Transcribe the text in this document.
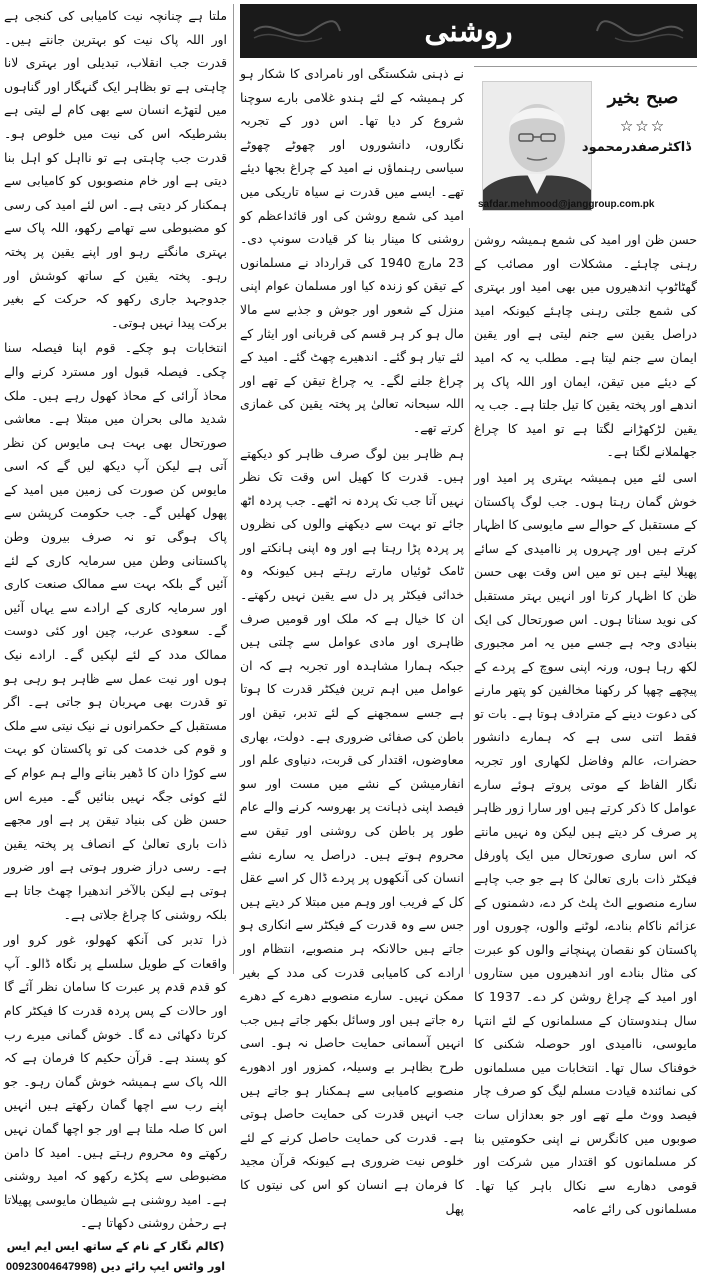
روشنی
صبح بخیر
☆☆☆
ڈاکٹرصفدرمحمود
safdar.mehmood@janggroup.com.pk

حسن ظن اور امید کی شمع ہمیشہ روشن رہنی چاہئے۔ مشکلات اور مصائب کے گھٹاٹوپ اندھیروں میں بھی امید اور بہتری کی شمع جلتی رہنی چاہئے کیونکہ امید دراصل یقین سے جنم لیتی ہے اور یقین ایمان سے جنم لیتا ہے۔ مطلب یہ کہ امید کے دیئے میں تیقن، ایمان اور اللہ پاک پر اندھے اور پختہ یقین کا تیل جلتا ہے۔ جب یہ یقین لڑکھڑانے لگتا ہے تو امید کا چراغ جھلملانے لگتا ہے۔

اسی لئے میں ہمیشہ بہتری پر امید اور خوش گمان رہتا ہوں۔ جب لوگ پاکستان کے مستقبل کے حوالے سے مایوسی کا اظہار کرتے ہیں اور چہروں پر ناامیدی کے سائے پھیلا لیتے ہیں تو میں اس وقت بھی حسن ظن کا اظہار کرتا اور انہیں بہتر مستقبل کی نوید سناتا ہوں۔ اس صورتحال کی ایک بنیادی وجہ ہے جسے میں یہ امر مجبوری لکھ رہا ہوں، ورنہ اپنی سوچ کے پردے کے پیچھے چھپا کر رکھنا مخالفین کو پتھر مارنے کی دعوت دینے کے مترادف ہوتا ہے۔ بات تو فقط اتنی سی ہے کہ ہمارے دانشور حضرات، عالم وفاضل لکھاری اور تجربہ نگار الفاظ کے موتی پروتے ہوئے سارے عوامل کا ذکر کرتے ہیں اور سارا زور ظاہر پر صرف کر دیتے ہیں لیکن وہ نہیں مانتے کہ اس ساری صورتحال میں ایک پاورفل فیکٹر ذات باری تعالیٰ کا ہے جو جب چاہے سارے منصوبے الٹ پلٹ کر دے، دشمنوں کے عزائم ناکام بنادے، لوٹنے والوں، چوروں اور پاکستان کو نقصان پہنچانے والوں کو عبرت کی مثال بنادے اور اندھیروں میں ستاروں اور امید کے چراغ روشن کر دے۔ 1937 کا سال ہندوستان کے مسلمانوں کے لئے انتہا مایوسی، ناامیدی اور حوصلہ شکنی کا خوفناک سال تھا۔ انتخابات میں مسلمانوں کی نمائندہ قیادت مسلم لیگ کو صرف چار فیصد ووٹ ملے تھے اور جو بعدازاں سات صوبوں میں کانگرس نے اپنی حکومتیں بنا کر مسلمانوں کو اقتدار میں شرکت اور قومی دھارے سے نکال باہر کیا تھا۔ مسلمانوں کی رائے عامہ

نے ذہنی شکستگی اور نامرادی کا شکار ہو کر ہمیشہ کے لئے ہندو غلامی بارے سوچنا شروع کر دیا تھا۔ اس دور کے تجربہ نگاروں، دانشوروں اور چھوٹے چھوٹے سیاسی رہنماؤں نے امید کے چراغ بجھا دیئے تھے۔ ایسے میں قدرت نے سیاہ تاریکی میں امید کی شمع روشن کی اور قائداعظم کو روشنی کا مینار بنا کر قیادت سونپ دی۔ 23 مارچ 1940 کی قرارداد نے مسلمانوں کے تیقن کو زندہ کیا اور مسلمان عوام اپنی منزل کے شعور اور جوش و جذبے سے مالا مال ہو کر ہر قسم کی قربانی اور ایثار کے لئے تیار ہو گئے۔ اندھیرے چھٹ گئے۔ امید کے چراغ جلنے لگے۔ یہ چراغ تیقن کے تھے اور اللہ سبحانہ تعالیٰ پر پختہ یقین کی غمازی کرتے تھے۔

ہم ظاہر بین لوگ صرف ظاہر کو دیکھتے ہیں۔ قدرت کا کھیل اس وقت تک نظر نہیں آتا جب تک پردہ نہ اٹھے۔ جب پردہ اٹھ جائے تو بہت سے دیکھنے والوں کی نظروں پر پردہ پڑا رہتا ہے اور وہ اپنی ہانکتے اور ٹامک ٹوئیاں مارتے رہتے ہیں کیونکہ وہ خدائی فیکٹر پر دل سے یقین نہیں رکھتے۔ ان کا خیال ہے کہ ملک اور قومیں صرف ظاہری اور مادی عوامل سے چلتی ہیں جبکہ ہمارا مشاہدہ اور تجربہ ہے کہ ان عوامل میں اہم ترین فیکٹر قدرت کا ہوتا ہے جسے سمجھنے کے لئے تدبر، تیقن اور باطن کی صفائی ضروری ہے۔ دولت، بھاری معاوضوں، اقتدار کی قربت، دنیاوی علم اور انفارمیشن کے نشے میں مست اور سو فیصد اپنی ذہانت پر بھروسہ کرنے والے عام طور پر باطن کی روشنی اور تیقن سے محروم ہوتے ہیں۔ دراصل یہ سارے نشے انسان کی آنکھوں پر پردے ڈال کر اسے عقل کل کے فریب اور وہم میں مبتلا کر دیتے ہیں جس سے وہ قدرت کے فیکٹر سے انکاری ہو جاتے ہیں حالانکہ ہر منصوبے، انتظام اور ارادے کی کامیابی قدرت کی مدد کے بغیر ممکن نہیں۔ سارے منصوبے دھرے کے دھرے رہ جاتے ہیں اور وسائل بکھر جاتے ہیں جب انہیں آسمانی حمایت حاصل نہ ہو۔ اسی طرح بظاہر بے وسیلہ، کمزور اور ادھورے منصوبے کامیابی سے ہمکنار ہو جاتے ہیں جب انہیں قدرت کی حمایت حاصل ہوتی ہے۔ قدرت کی حمایت حاصل کرنے کے لئے خلوص نیت ضروری ہے کیونکہ قرآن مجید کا فرمان ہے انسان کو اس کی نیتوں کا پھل

ملتا ہے چنانچہ نیت کامیابی کی کنجی ہے اور اللہ پاک نیت کو بہترین جانتے ہیں۔ قدرت جب انقلاب، تبدیلی اور بہتری لانا چاہتی ہے تو بظاہر ایک گنہگار اور گناہوں میں لتھڑے انسان سے بھی کام لے لیتی ہے بشرطیکہ اس کی نیت میں خلوص ہو۔ قدرت جب چاہتی ہے تو نااہل کو اہل بنا دیتی ہے اور خام منصوبوں کو کامیابی سے ہمکنار کر دیتی ہے۔ اس لئے امید کی رسی کو مضبوطی سے تھامے رکھو، اللہ پاک سے بہتری مانگتے رہو اور اپنے یقین پر پختہ رہو۔ پختہ یقین کے ساتھ کوشش اور جدوجہد جاری رکھو کہ حرکت کے بغیر برکت پیدا نہیں ہوتی۔

انتخابات ہو چکے۔ قوم اپنا فیصلہ سنا چکی۔ فیصلہ قبول اور مسترد کرنے والے محاذ آرائی کے محاذ کھول رہے ہیں۔ ملک شدید مالی بحران میں مبتلا ہے۔ معاشی صورتحال بھی بہت ہی مایوس کن نظر آتی ہے لیکن آپ دیکھ لیں گے کہ اسی مایوس کن صورت کی زمین میں امید کے پھول کھلیں گے۔ جب حکومت کرپشن سے پاک ہوگی تو نہ صرف بیرون وطن پاکستانی وطن میں سرمایہ کاری کے لئے آئیں گے بلکہ بہت سے ممالک صنعت کاری اور سرمایہ کاری کے ارادے سے یہاں آئیں گے۔ سعودی عرب، چین اور کئی دوست ممالک مدد کے لئے لپکیں گے۔ ارادے نیک ہوں اور نیت عمل سے ظاہر ہو رہی ہو تو قدرت بھی مہربان ہو جاتی ہے۔ اگر مستقبل کے حکمرانوں نے نیک نیتی سے ملک و قوم کی خدمت کی تو پاکستان کو بہت سے کوڑا دان کا ڈھیر بنانے والے ہم عوام کے لئے کوئی جگہ نہیں بنائیں گے۔ میرے اس حسن ظن کی بنیاد تیقن پر ہے اور مجھے ذات باری تعالیٰ کے انصاف پر پختہ یقین ہے۔ رسی دراز ضرور ہوتی ہے اور ضرور ہوتی ہے لیکن بالآخر اندھیرا چھٹ جاتا ہے بلکہ روشنی کا چراغ جلاتی ہے۔

ذرا تدبر کی آنکھ کھولو، غور کرو اور واقعات کے طویل سلسلے پر نگاہ ڈالو۔ آپ کو قدم قدم پر عبرت کا سامان نظر آئے گا اور حالات کے پس پردہ قدرت کا فیکٹر کام کرتا دکھائی دے گا۔ خوش گمانی میرے رب کو پسند ہے۔ قرآن حکیم کا فرمان ہے کہ اللہ پاک سے ہمیشہ خوش گمان رہو۔ جو اپنے رب سے اچھا گمان رکھتے ہیں انہیں اس کا صلہ ملتا ہے اور جو اچھا گمان نہیں رکھتے وہ محروم رہتے ہیں۔ امید کا دامن مضبوطی سے پکڑے رکھو کہ امید روشنی ہے۔ امید روشنی ہے شیطان مایوسی پھیلاتا ہے رحمٰن روشنی دکھاتا ہے۔

(کالم نگار کے نام کے ساتھ ایس ایم ایس اور واٹس ایپ رائے دیں 00923004647998)
